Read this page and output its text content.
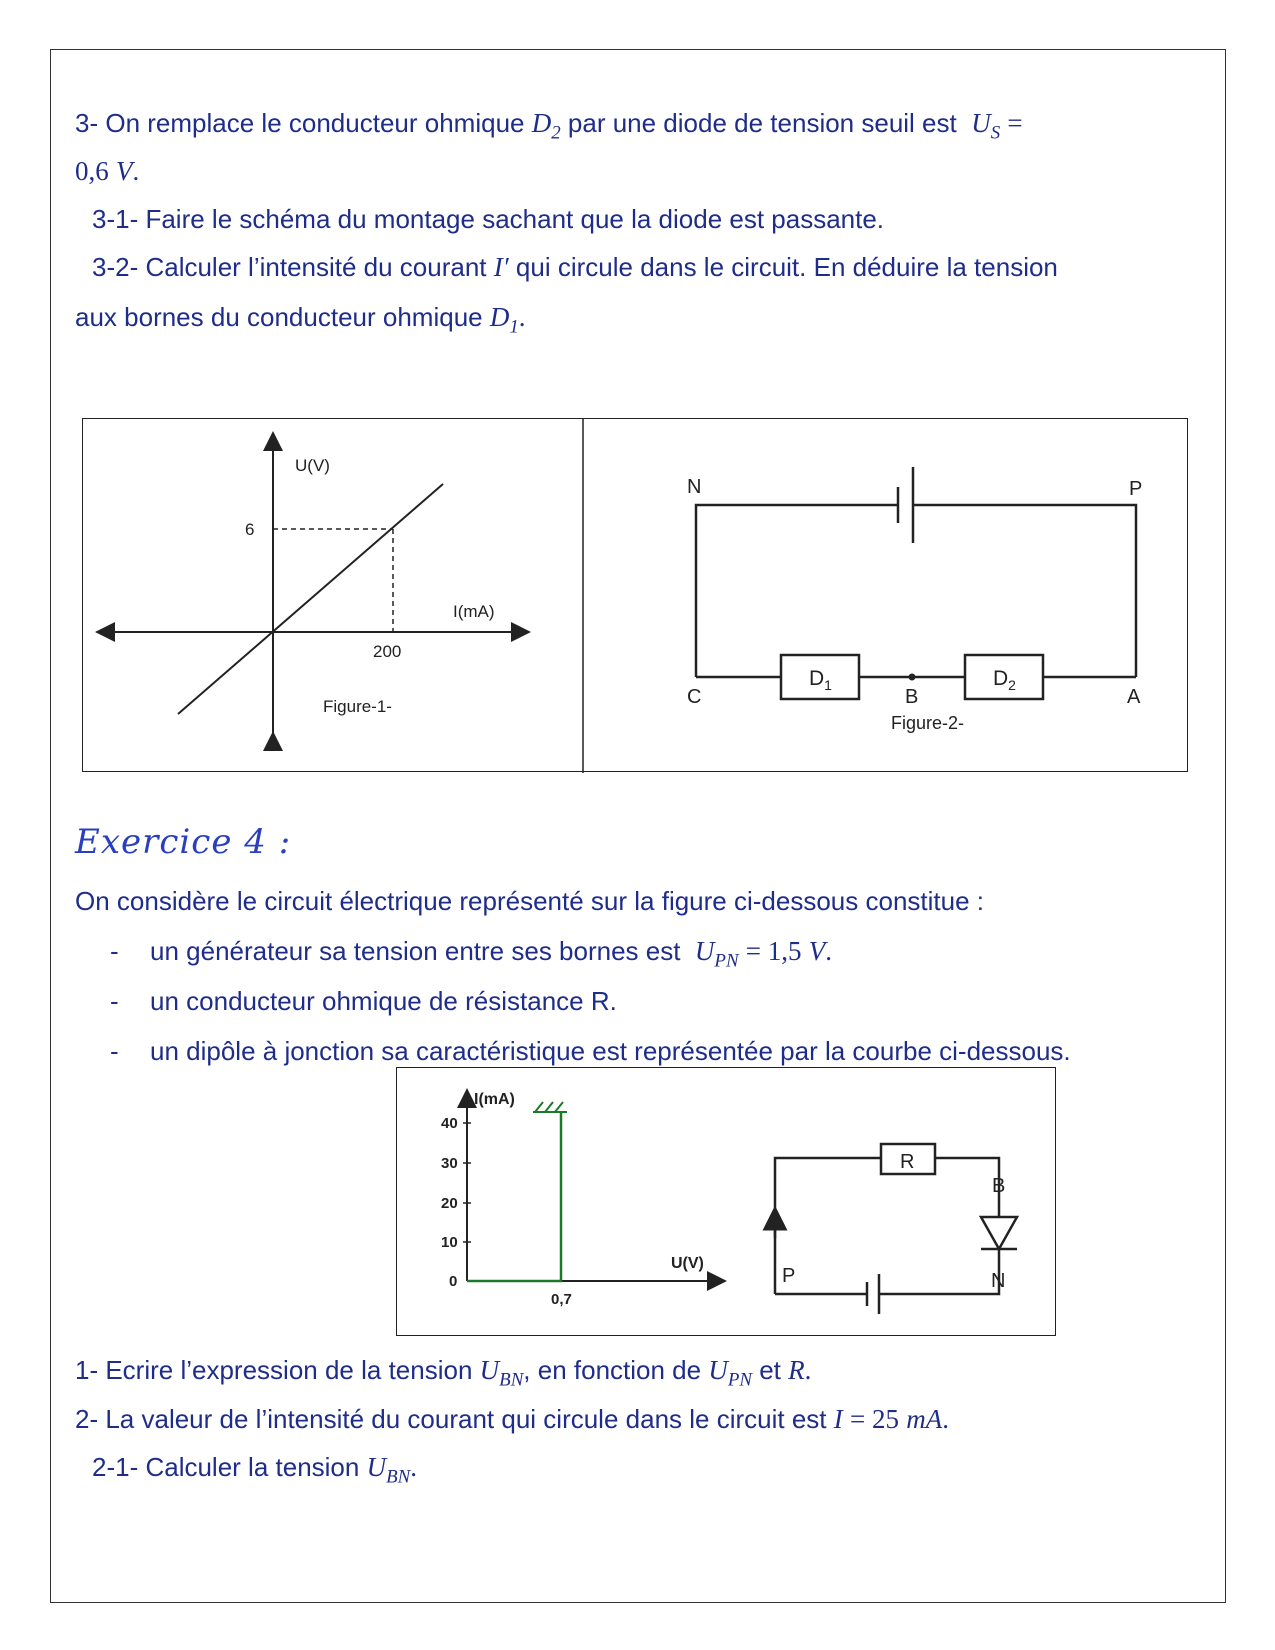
3- On remplace le conducteur ohmique $D_2$ par une diode de tension seuil est $U_S$ =
0,6 V.
3-1- Faire le schéma du montage sachant que la diode est passante.
3-2- Calculer l’intensité du courant I′ qui circule dans le circuit. En déduire la tension
aux bornes du conducteur ohmique $D_1$.
U(V)
I(mA)
6
200
Figure-1-
N	P
C	B	A
$D_1$	$D_2$
Figure-2-
Exercice 4 :
On considère le circuit électrique représenté sur la figure ci-dessous constitue :
- un générateur sa tension entre ses bornes est $U_{PN} = 1,5$ V.
- un conducteur ohmique de résistance R.
- un dipôle à jonction sa caractéristique est représentée par la courbe ci-dessous.
I(mA)
40
30
20
10
0
0,7
U(V)
R
B
P	N
1- Ecrire l’expression de la tension $U_{BN}$, en fonction de $U_{PN}$ et R.
2- La valeur de l’intensité du courant qui circule dans le circuit est I = 25 mA.
2-1- Calculer la tension $U_{BN}$.
